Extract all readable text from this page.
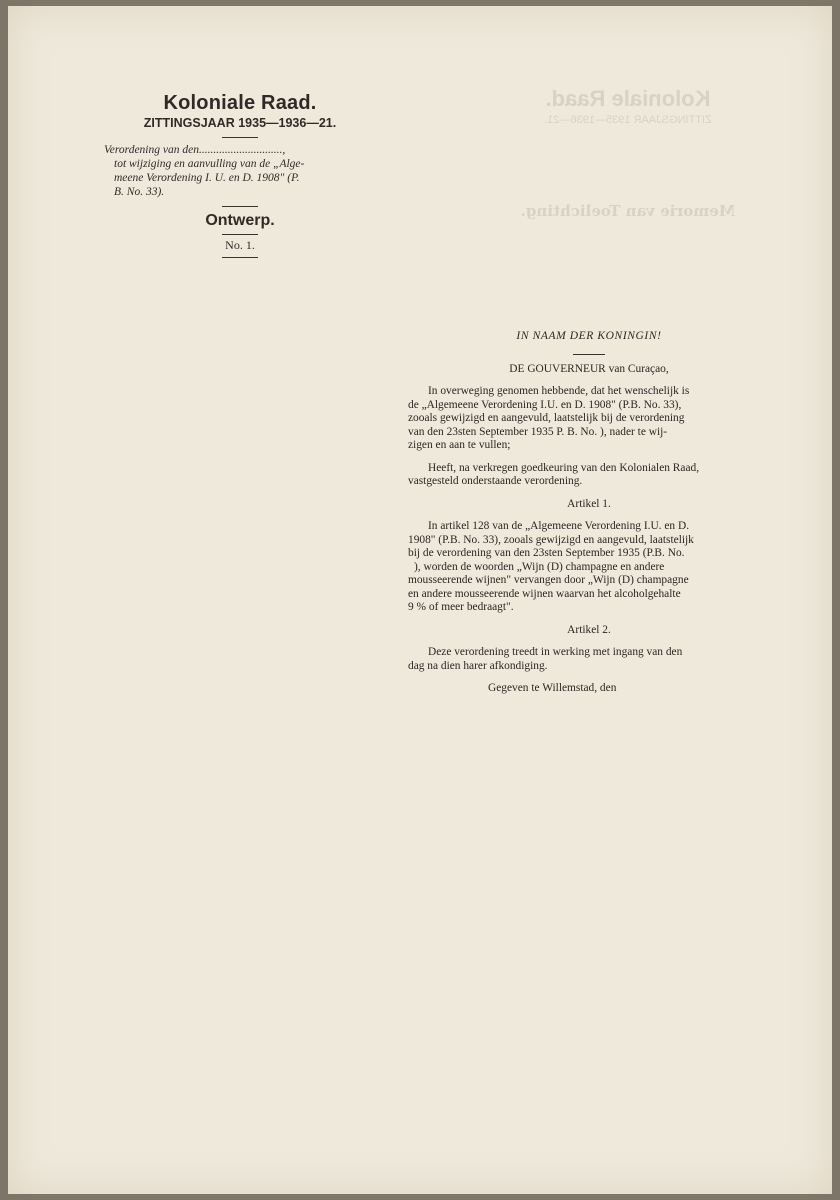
Koloniale Raad.
ZITTINGSJAAR 1935—1936—21.
Memorie van Toelichting.
Koloniale Raad.
ZITTINGSJAAR 1935—1936—21.
Verordening van den.............................,
tot wijziging en aanvulling van de „Alge-
meene Verordening I. U. en D. 1908" (P.
B. No. 33).
Ontwerp.
No. 1.
IN NAAM DER KONINGIN!
DE GOUVERNEUR van Curaçao,
In overweging genomen hebbende, dat het wenschelijk is
de „Algemeene Verordening I.U. en D. 1908" (P.B. No. 33),
zooals gewijzigd en aangevuld, laatstelijk bij de verordening
van den 23sten September 1935 P. B. No. ), nader te wij-
zigen en aan te vullen;
Heeft, na verkregen goedkeuring van den Kolonialen Raad,
vastgesteld onderstaande verordening.
Artikel 1.
In artikel 128 van de „Algemeene Verordening I.U. en D.
1908" (P.B. No. 33), zooals gewijzigd en aangevuld, laatstelijk
bij de verordening van den 23sten September 1935 (P.B. No.
), worden de woorden „Wijn (D) champagne en andere
mousseerende wijnen" vervangen door „Wijn (D) champagne
en andere mousseerende wijnen waarvan het alcoholgehalte
9 % of meer bedraagt".
Artikel 2.
Deze verordening treedt in werking met ingang van den
dag na dien harer afkondiging.
Gegeven te Willemstad, den
